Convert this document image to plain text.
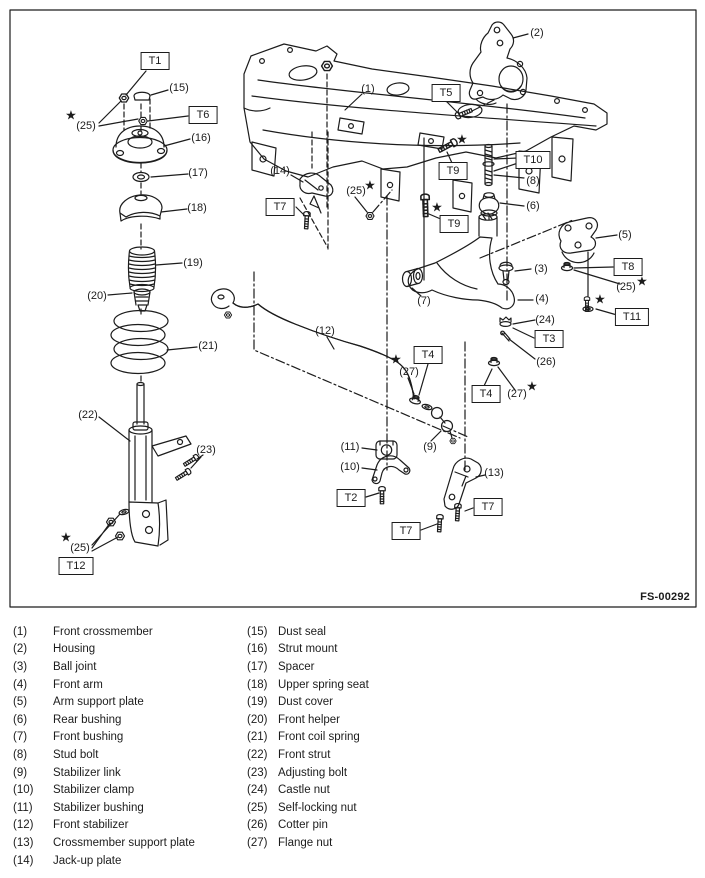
T1
T6
T5
T9
★
T9
★
T10
T7
T8
T11
★
T3
T4
T4
T2
T7
T7
T12
(1)
(2)
(3)
(4)
(5)
(6)
(7)
(8)
(9)
(10)
(11)
(12)
(13)
(14)
(15)
(16)
(17)
(18)
(19)
(20)
(21)
(22)
(23)
(24)
(26)
(25)
★
(25)
★
(25) ★
(25)
★
(27)
★
(27)
★
FS-00292
(1)	Front crossmember
(2)	Housing
(3)	Ball joint
(4)	Front arm
(5)	Arm support plate
(6)	Rear bushing
(7)	Front bushing
(8)	Stud bolt
(9)	Stabilizer link
(10)	Stabilizer clamp
(11)	Stabilizer bushing
(12)	Front stabilizer
(13)	Crossmember support plate
(14)	Jack-up plate
(15) Dust seal
(16) Strut mount
(17) Spacer
(18) Upper spring seat
(19) Dust cover
(20) Front helper
(21) Front coil spring
(22) Front strut
(23) Adjusting bolt
(24) Castle nut
(25) Self-locking nut
(26) Cotter pin
(27) Flange nut
